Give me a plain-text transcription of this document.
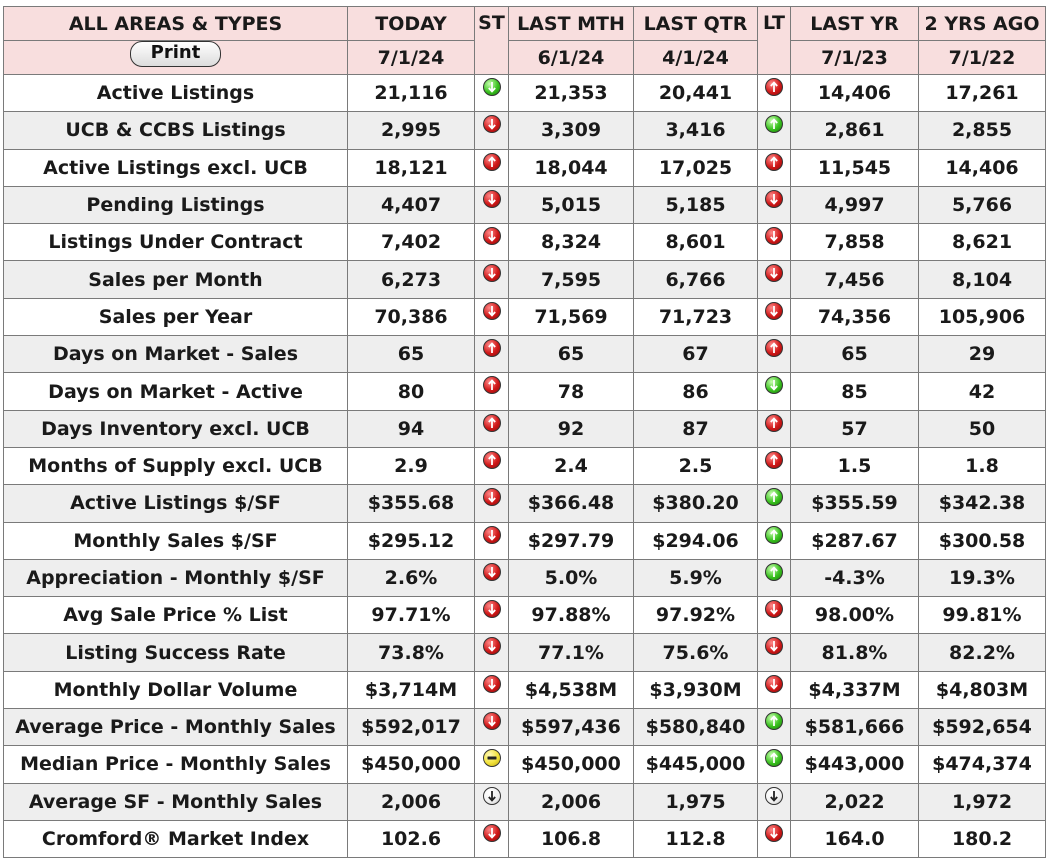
ALL AREAS & TYPES	TODAY	ST	LAST MTH	LAST QTR	LT	LAST YR	2 YRS AGO
Print	7/1/24		6/1/24	4/1/24		7/1/23	7/1/22
Active Listings	21,116		21,353	20,441		14,406	17,261
UCB & CCBS Listings	2,995		3,309	3,416		2,861	2,855
Active Listings excl. UCB	18,121		18,044	17,025		11,545	14,406
Pending Listings	4,407		5,015	5,185		4,997	5,766
Listings Under Contract	7,402		8,324	8,601		7,858	8,621
Sales per Month	6,273		7,595	6,766		7,456	8,104
Sales per Year	70,386		71,569	71,723		74,356	105,906
Days on Market - Sales	65		65	67		65	29
Days on Market - Active	80		78	86		85	42
Days Inventory excl. UCB	94		92	87		57	50
Months of Supply excl. UCB	2.9		2.4	2.5		1.5	1.8
Active Listings $/SF	$355.68		$366.48	$380.20		$355.59	$342.38
Monthly Sales $/SF	$295.12		$297.79	$294.06		$287.67	$300.58
Appreciation - Monthly $/SF	2.6%		5.0%	5.9%		-4.3%	19.3%
Avg Sale Price % List	97.71%		97.88%	97.92%		98.00%	99.81%
Listing Success Rate	73.8%		77.1%	75.6%		81.8%	82.2%
Monthly Dollar Volume	$3,714M		$4,538M	$3,930M		$4,337M	$4,803M
Average Price - Monthly Sales	$592,017		$597,436	$580,840		$581,666	$592,654
Median Price - Monthly Sales	$450,000		$450,000	$445,000		$443,000	$474,374
Average SF - Monthly Sales	2,006		2,006	1,975		2,022	1,972
Cromford® Market Index	102.6		106.8	112.8		164.0	180.2
